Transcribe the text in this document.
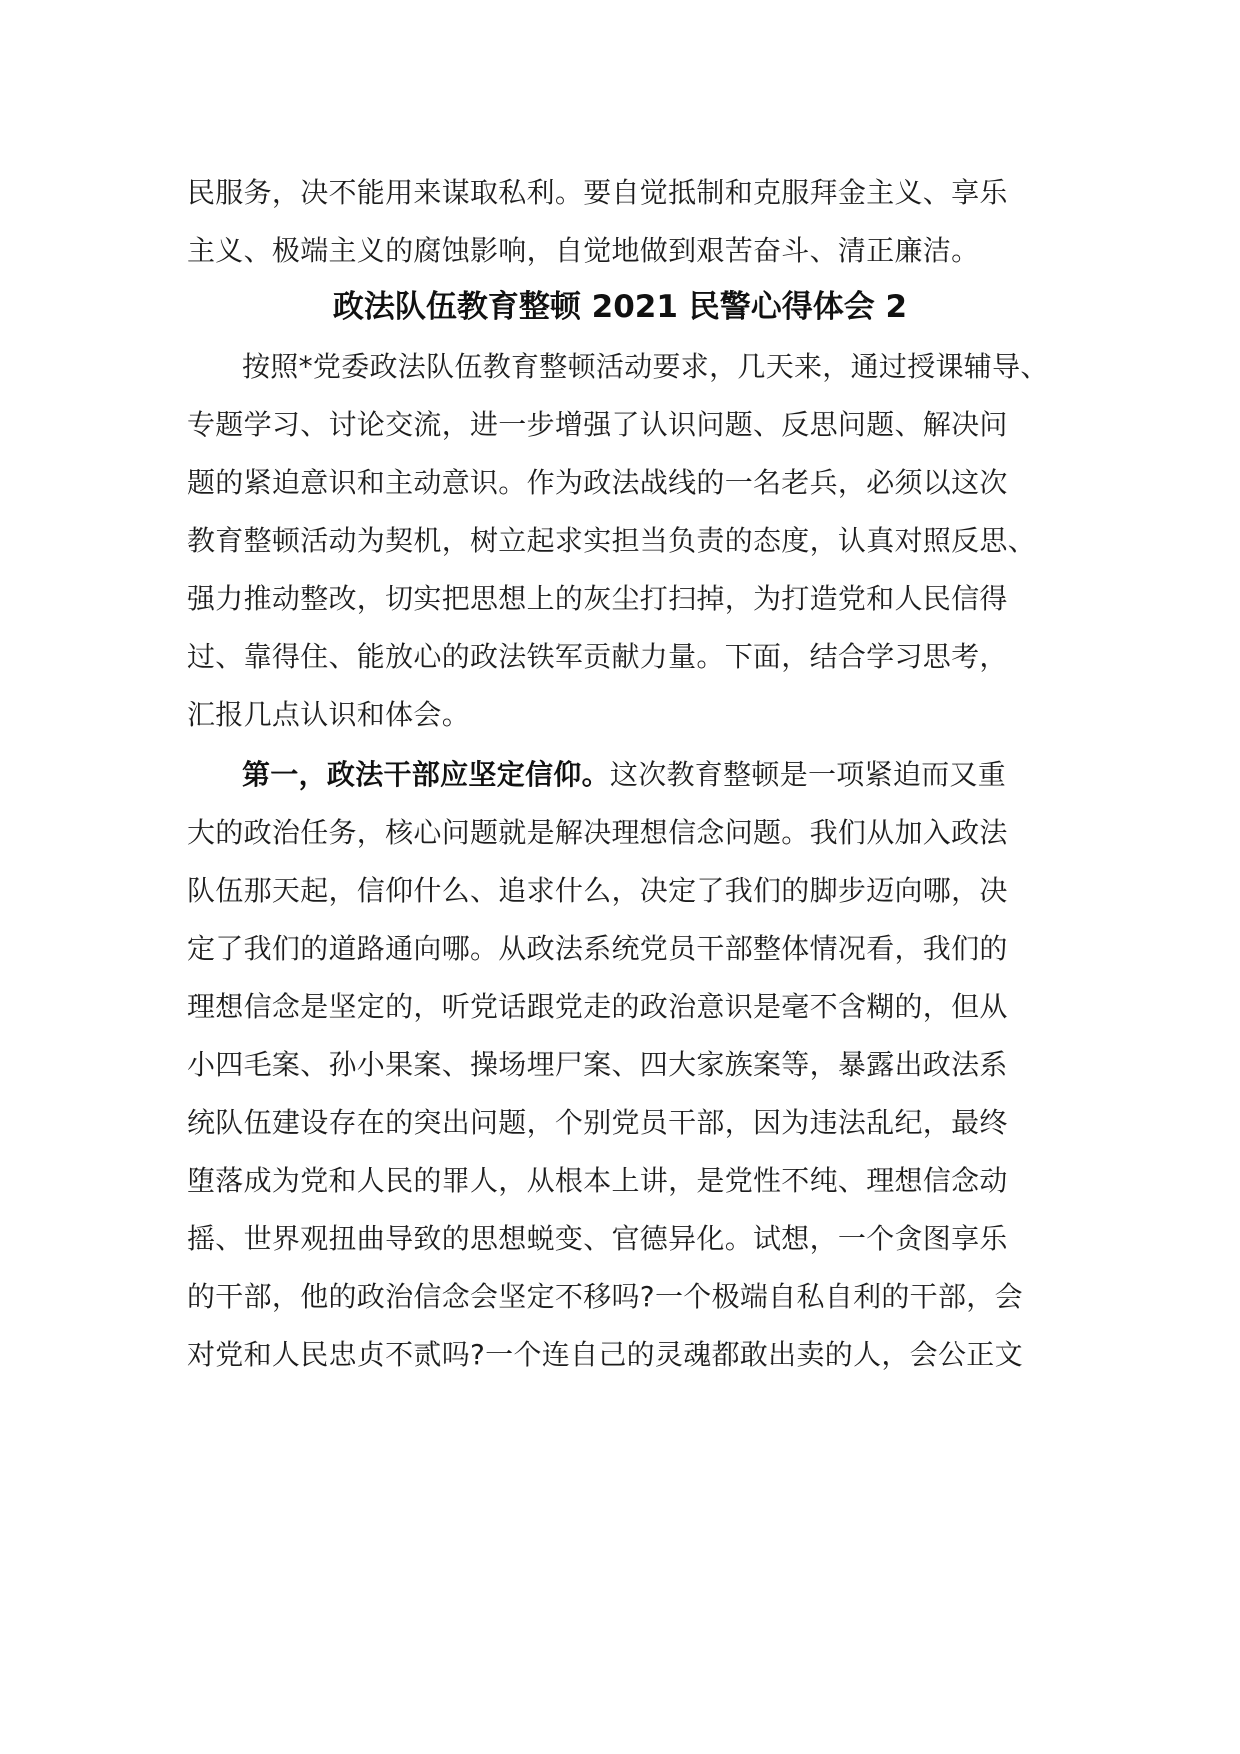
民服务，决不能用来谋取私利。要自觉抵制和克服拜金主义、享乐
主义、极端主义的腐蚀影响，自觉地做到艰苦奋斗、清正廉洁。
政法队伍教育整顿 2021 民警心得体会 2
按照*党委政法队伍教育整顿活动要求，几天来，通过授课辅导、
专题学习、讨论交流，进一步增强了认识问题、反思问题、解决问
题的紧迫意识和主动意识。作为政法战线的一名老兵，必须以这次
教育整顿活动为契机，树立起求实担当负责的态度，认真对照反思、
强力推动整改，切实把思想上的灰尘打扫掉，为打造党和人民信得
过、靠得住、能放心的政法铁军贡献力量。下面，结合学习思考，
汇报几点认识和体会。
第一，政法干部应坚定信仰。这次教育整顿是一项紧迫而又重
大的政治任务，核心问题就是解决理想信念问题。我们从加入政法
队伍那天起，信仰什么、追求什么，决定了我们的脚步迈向哪，决
定了我们的道路通向哪。从政法系统党员干部整体情况看，我们的
理想信念是坚定的，听党话跟党走的政治意识是毫不含糊的，但从
小四毛案、孙小果案、操场埋尸案、四大家族案等，暴露出政法系
统队伍建设存在的突出问题，个别党员干部，因为违法乱纪，最终
堕落成为党和人民的罪人，从根本上讲，是党性不纯、理想信念动
摇、世界观扭曲导致的思想蜕变、官德异化。试想，一个贪图享乐
的干部，他的政治信念会坚定不移吗?一个极端自私自利的干部，会
对党和人民忠贞不贰吗?一个连自己的灵魂都敢出卖的人，会公正文
